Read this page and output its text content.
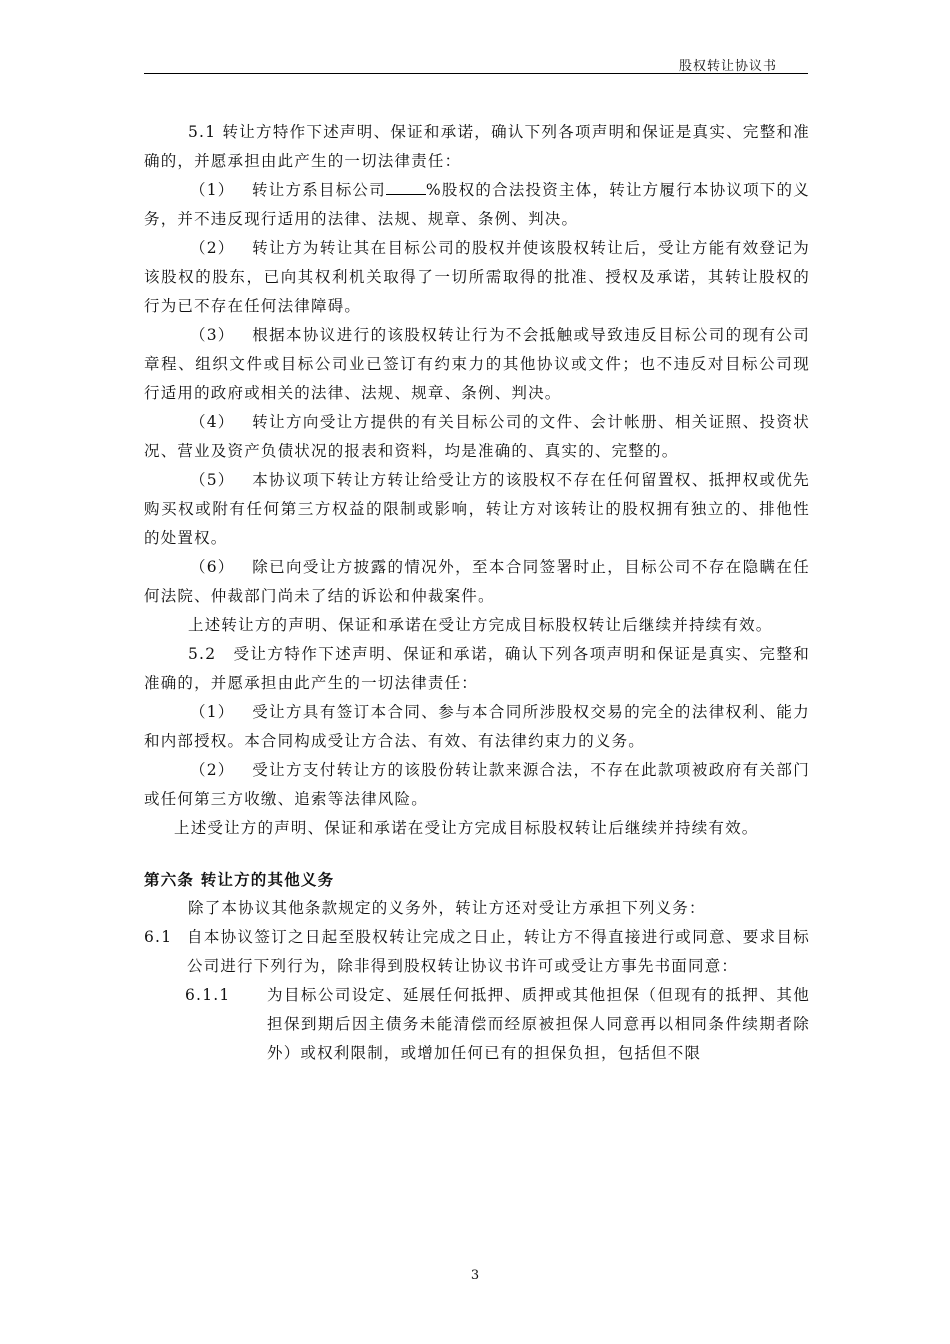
股权转让协议书

5.1 转让方特作下述声明、保证和承诺，确认下列各项声明和保证是真实、完整和准确的，并愿承担由此产生的一切法律责任：

（1） 转让方系目标公司	%股权的合法投资主体，转让方履行本协议项下的义务，并不违反现行适用的法律、法规、规章、条例、判决。

（2） 转让方为转让其在目标公司的股权并使该股权转让后，受让方能有效登记为该股权的股东，已向其权利机关取得了一切所需取得的批准、授权及承诺，其转让股权的行为已不存在任何法律障碍。

（3） 根据本协议进行的该股权转让行为不会抵触或导致违反目标公司的现有公司章程、组织文件或目标公司业已签订有约束力的其他协议或文件；也不违反对目标公司现行适用的政府或相关的法律、法规、规章、条例、判决。

（4） 转让方向受让方提供的有关目标公司的文件、会计帐册、相关证照、投资状况、营业及资产负债状况的报表和资料，均是准确的、真实的、完整的。

（5） 本协议项下转让方转让给受让方的该股权不存在任何留置权、抵押权或优先购买权或附有任何第三方权益的限制或影响，转让方对该转让的股权拥有独立的、排他性的处置权。

（6） 除已向受让方披露的情况外，至本合同签署时止，目标公司不存在隐瞒在任何法院、仲裁部门尚未了结的诉讼和仲裁案件。

上述转让方的声明、保证和承诺在受让方完成目标股权转让后继续并持续有效。

5.2　受让方特作下述声明、保证和承诺，确认下列各项声明和保证是真实、完整和准确的，并愿承担由此产生的一切法律责任：

（1） 受让方具有签订本合同、参与本合同所涉股权交易的完全的法律权利、能力和内部授权。本合同构成受让方合法、有效、有法律约束力的义务。

（2） 受让方支付转让方的该股份转让款来源合法，不存在此款项被政府有关部门或任何第三方收缴、追索等法律风险。

上述受让方的声明、保证和承诺在受让方完成目标股权转让后继续并持续有效。

第六条 转让方的其他义务

除了本协议其他条款规定的义务外，转让方还对受让方承担下列义务：

6.1 自本协议签订之日起至股权转让完成之日止，转让方不得直接进行或同意、要求目标公司进行下列行为，除非得到股权转让协议书许可或受让方事先书面同意：

6.1.1 为目标公司设定、延展任何抵押、质押或其他担保（但现有的抵押、其他担保到期后因主债务未能清偿而经原被担保人同意再以相同条件续期者除外）或权利限制，或增加任何已有的担保负担，包括但不限

3
